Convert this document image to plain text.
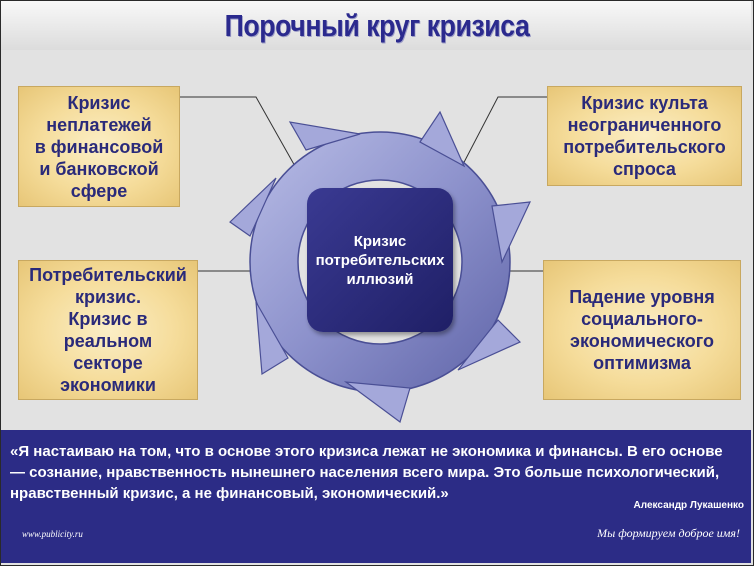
Порочный круг кризиса
Кризис
неплатежей
в финансовой
и банковской
сфере
Кризис культа
неограниченного
потребительского
спроса
Потребительский
кризис.
Кризис в
реальном
секторе
экономики
Падение уровня
социального-
экономического
оптимизма
Кризис
потребительских
иллюзий
«Я настаиваю на том, что в основе этого кризиса лежат не экономика и финансы. В его основе — сознание, нравственность нынешнего населения всего мира. Это больше психологический, нравственный кризис, а не финансовый, экономический.»
Александр Лукашенко
www.publicity.ru	Мы формируем доброе имя!
